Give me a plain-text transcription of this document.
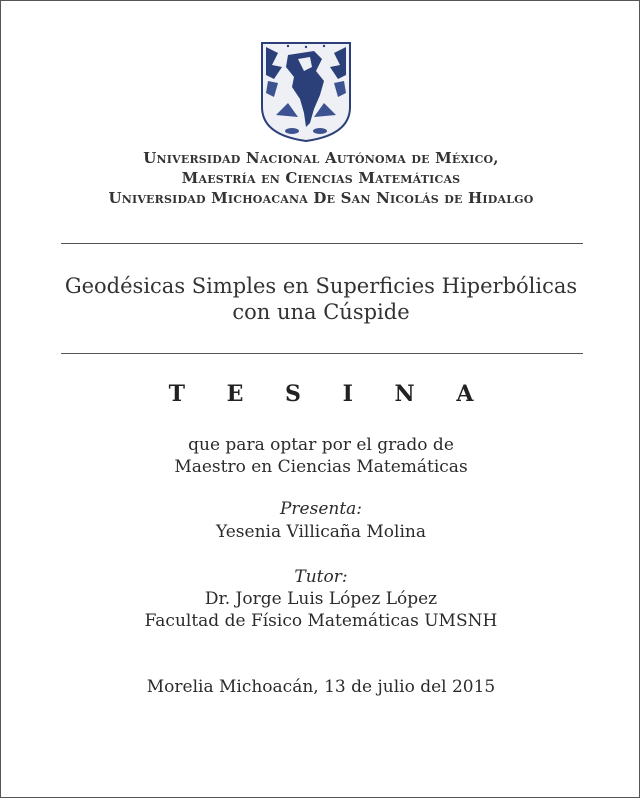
Universidad Nacional Autónoma de México,
Maestría en Ciencias Matemáticas
Universidad Michoacana De San Nicolás de Hidalgo
Geodésicas Simples en Superficies Hiperbólicas
con una Cúspide
T E S I N A
que para optar por el grado de
Maestro en Ciencias Matemáticas
Presenta:
Yesenia Villicaña Molina
Tutor:
Dr. Jorge Luis López López
Facultad de Físico Matemáticas UMSNH
Morelia Michoacán, 13 de julio del 2015
